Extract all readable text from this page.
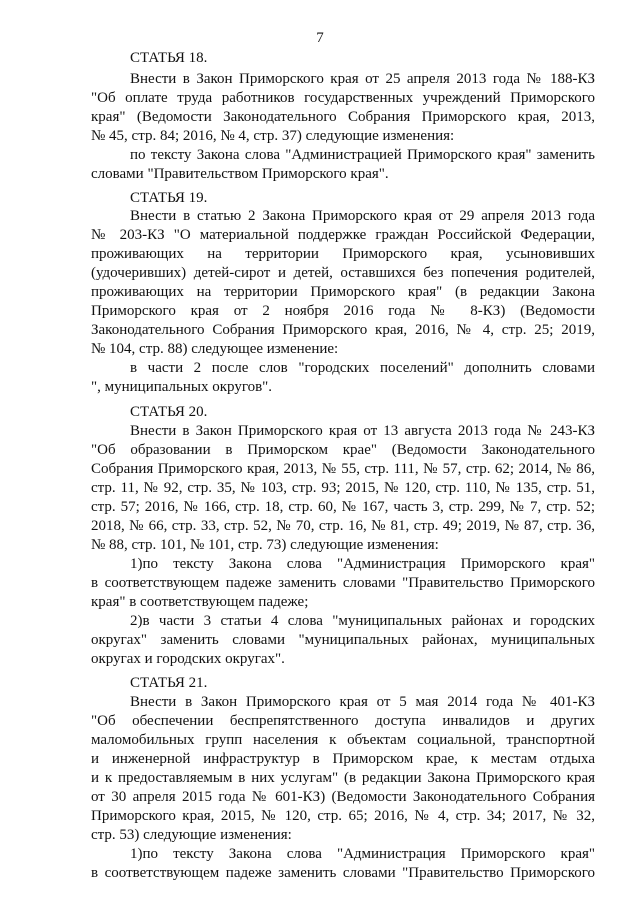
7
СТАТЬЯ 18.
Внести в Закон Приморского края от 25 апреля 2013 года № 188-КЗ
"Об оплате труда работников государственных учреждений Приморского
края" (Ведомости Законодательного Собрания Приморского края, 2013,
№ 45, стр. 84; 2016, № 4, стр. 37) следующие изменения:
по тексту Закона слова "Администрацией Приморского края" заменить
словами "Правительством Приморского края".
СТАТЬЯ 19.
Внести в статью 2 Закона Приморского края от 29 апреля 2013 года
№ 203-КЗ "О материальной поддержке граждан Российской Федерации,
проживающих на территории Приморского края, усыновивших
(удочеривших) детей-сирот и детей, оставшихся без попечения родителей,
проживающих на территории Приморского края" (в редакции Закона
Приморского края от 2 ноября 2016 года № 8-КЗ) (Ведомости
Законодательного Собрания Приморского края, 2016, № 4, стр. 25; 2019,
№ 104, стр. 88) следующее изменение:
в части 2 после слов "городских поселений" дополнить словами
", муниципальных округов".
СТАТЬЯ 20.
Внести в Закон Приморского края от 13 августа 2013 года № 243-КЗ
"Об образовании в Приморском крае" (Ведомости Законодательного
Собрания Приморского края, 2013, № 55, стр. 111, № 57, стр. 62; 2014, № 86,
стр. 11, № 92, стр. 35, № 103, стр. 93; 2015, № 120, стр. 110, № 135, стр. 51,
стр. 57; 2016, № 166, стр. 18, стр. 60, № 167, часть 3, стр. 299, № 7, стр. 52;
2018, № 66, стр. 33, стр. 52, № 70, стр. 16, № 81, стр. 49; 2019, № 87, стр. 36,
№ 88, стр. 101, № 101, стр. 73) следующие изменения:
1)по тексту Закона слова "Администрация Приморского края"
в соответствующем падеже заменить словами "Правительство Приморского
края" в соответствующем падеже;
2)в части 3 статьи 4 слова "муниципальных районах и городских
округах" заменить словами "муниципальных районах, муниципальных
округах и городских округах".
СТАТЬЯ 21.
Внести в Закон Приморского края от 5 мая 2014 года № 401-КЗ
"Об обеспечении беспрепятственного доступа инвалидов и других
маломобильных групп населения к объектам социальной, транспортной
и инженерной инфраструктур в Приморском крае, к местам отдыха
и к предоставляемым в них услугам" (в редакции Закона Приморского края
от 30 апреля 2015 года № 601-КЗ) (Ведомости Законодательного Собрания
Приморского края, 2015, № 120, стр. 65; 2016, № 4, стр. 34; 2017, № 32,
стр. 53) следующие изменения:
1)по тексту Закона слова "Администрация Приморского края"
в соответствующем падеже заменить словами "Правительство Приморского
